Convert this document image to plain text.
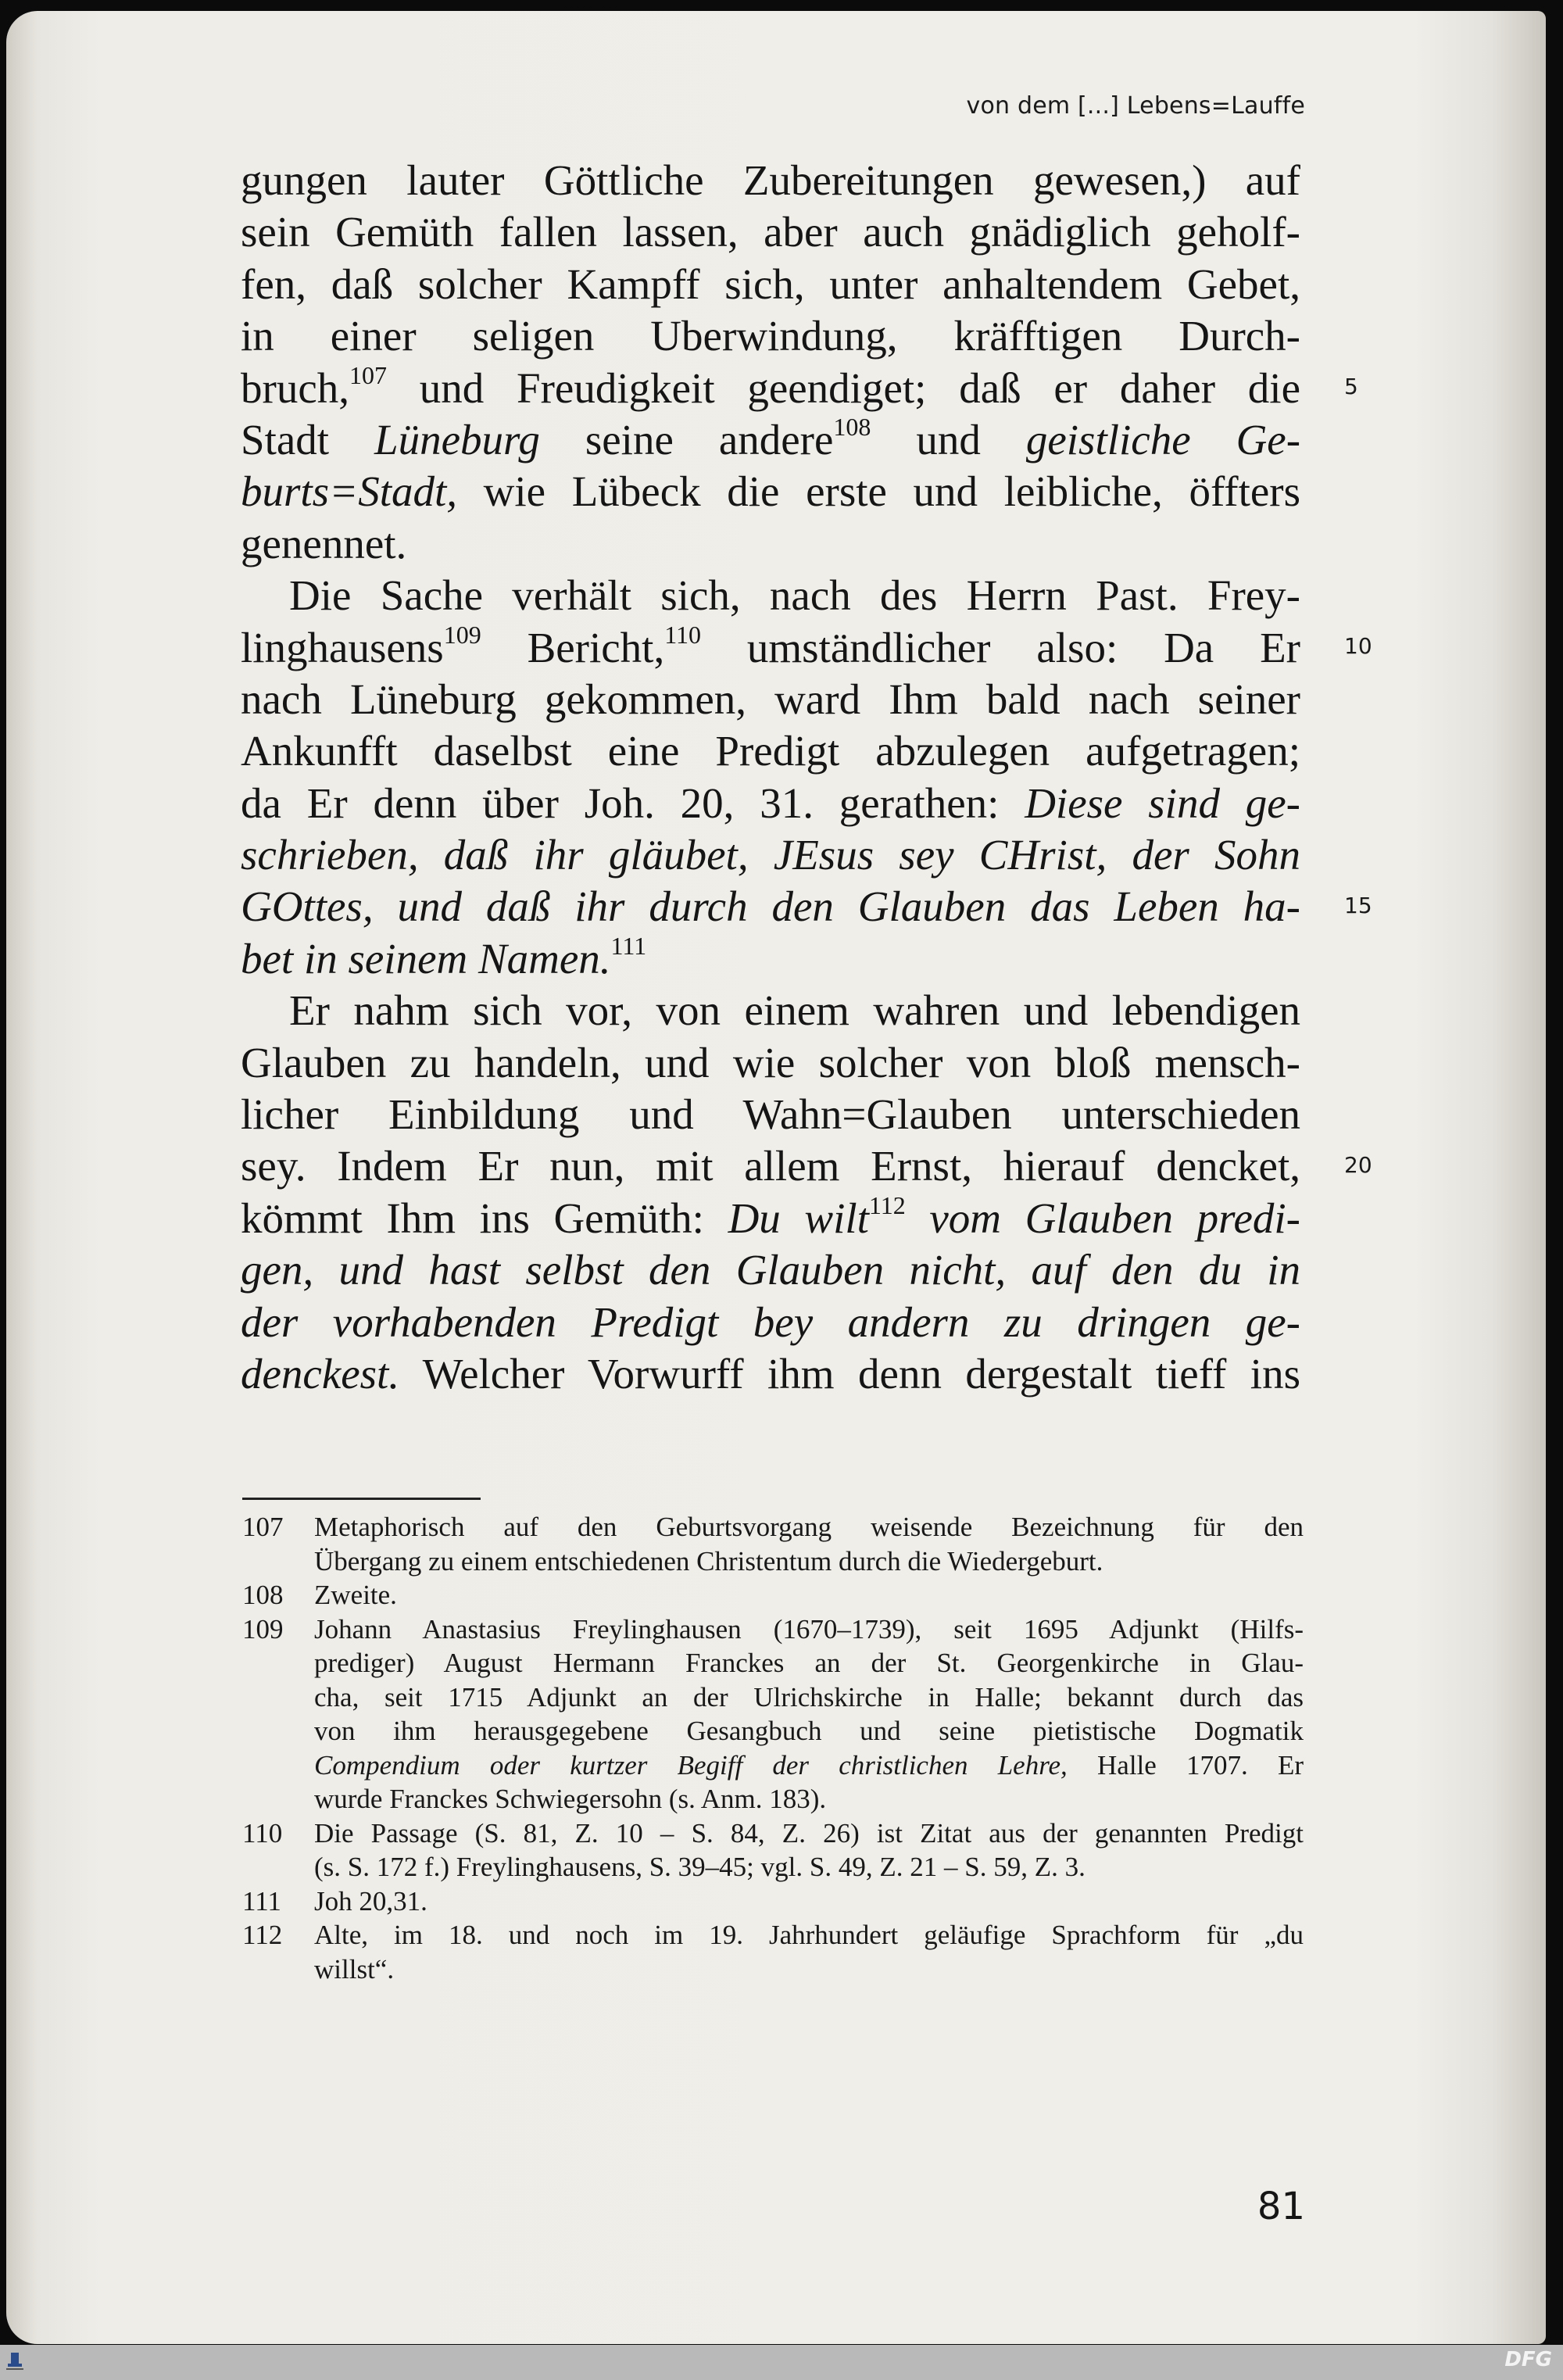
von dem [...] Lebens=Lauffe
gungen lauter Göttliche Zubereitungen gewesen,) auf
sein Gemüth fallen lassen, aber auch gnädiglich geholf-
fen, daß solcher Kampff sich, unter anhaltendem Gebet,
in einer seligen Uberwindung, kräfftigen Durch-
bruch,$^{107}$ und Freudigkeit geendiget; daß er daher die
Stadt Lüneburg seine andere$^{108}$ und geistliche Ge-
burts=Stadt, wie Lübeck die erste und leibliche, öffters
genennet.
Die Sache verhält sich, nach des Herrn Past. Frey-
linghausens$^{109}$ Bericht,$^{110}$ umständlicher also: Da Er
nach Lüneburg gekommen, ward Ihm bald nach seiner
Ankunfft daselbst eine Predigt abzulegen aufgetragen;
da Er denn über Joh. 20, 31. gerathen: Diese sind ge-
schrieben, daß ihr gläubet, JEsus sey CHrist, der Sohn
GOttes, und daß ihr durch den Glauben das Leben ha-
bet in seinem Namen.$^{111}$
Er nahm sich vor, von einem wahren und lebendigen
Glauben zu handeln, und wie solcher von bloß mensch-
licher Einbildung und Wahn=Glauben unterschieden
sey. Indem Er nun, mit allem Ernst, hierauf dencket,
kömmt Ihm ins Gemüth: Du wilt$^{112}$ vom Glauben predi-
gen, und hast selbst den Glauben nicht, auf den du in
der vorhabenden Predigt bey andern zu dringen ge-
denckest. Welcher Vorwurff ihm denn dergestalt tieff ins
5
10
15
20
107	Metaphorisch auf den Geburtsvorgang weisende Bezeichnung für den
Übergang zu einem entschiedenen Christentum durch die Wiedergeburt.
108	Zweite.
109	Johann Anastasius Freylinghausen (1670–1739), seit 1695 Adjunkt (Hilfs-
prediger) August Hermann Franckes an der St. Georgenkirche in Glau-
cha, seit 1715 Adjunkt an der Ulrichskirche in Halle; bekannt durch das
von ihm herausgegebene Gesangbuch und seine pietistische Dogmatik
Compendium oder kurtzer Begiff der christlichen Lehre, Halle 1707. Er
wurde Franckes Schwiegersohn (s. Anm. 183).
110	Die Passage (S. 81, Z. 10 – S. 84, Z. 26) ist Zitat aus der genannten Predigt
(s. S. 172 f.) Freylinghausens, S. 39–45; vgl. S. 49, Z. 21 – S. 59, Z. 3.
111	Joh 20,31.
112	Alte, im 18. und noch im 19. Jahrhundert geläufige Sprachform für „du
willst“.
81
DFG
